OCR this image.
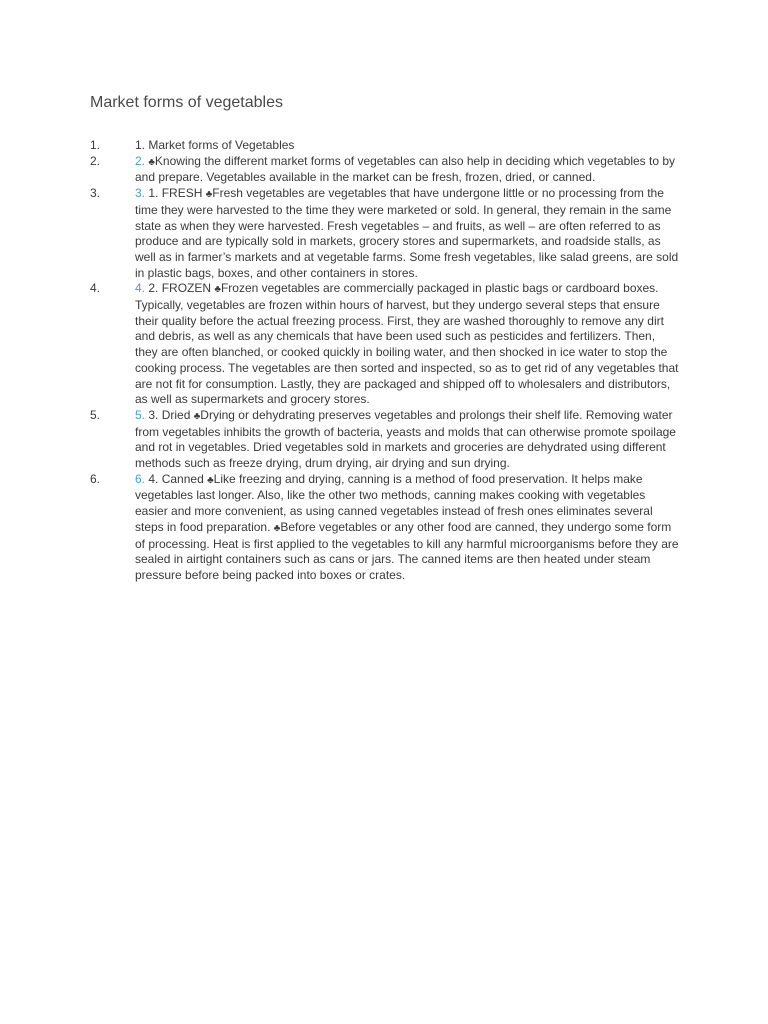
Market forms of vegetables
1.	1. Market forms of Vegetables
2.	2. ♣Knowing the different market forms of vegetables can also help in deciding which vegetables to by and prepare. Vegetables available in the market can be fresh, frozen, dried, or canned.
3.	3. 1. FRESH ♣Fresh vegetables are vegetables that have undergone little or no processing from the time they were harvested to the time they were marketed or sold. In general, they remain in the same state as when they were harvested. Fresh vegetables – and fruits, as well – are often referred to as produce and are typically sold in markets, grocery stores and supermarkets, and roadside stalls, as well as in farmer’s markets and at vegetable farms. Some fresh vegetables, like salad greens, are sold in plastic bags, boxes, and other containers in stores.
4.	4. 2. FROZEN ♣Frozen vegetables are commercially packaged in plastic bags or cardboard boxes. Typically, vegetables are frozen within hours of harvest, but they undergo several steps that ensure their quality before the actual freezing process. First, they are washed thoroughly to remove any dirt and debris, as well as any chemicals that have been used such as pesticides and fertilizers. Then, they are often blanched, or cooked quickly in boiling water, and then shocked in ice water to stop the cooking process. The vegetables are then sorted and inspected, so as to get rid of any vegetables that are not fit for consumption. Lastly, they are packaged and shipped off to wholesalers and distributors, as well as supermarkets and grocery stores.
5.	5. 3. Dried ♣Drying or dehydrating preserves vegetables and prolongs their shelf life. Removing water from vegetables inhibits the growth of bacteria, yeasts and molds that can otherwise promote spoilage and rot in vegetables. Dried vegetables sold in markets and groceries are dehydrated using different methods such as freeze drying, drum drying, air drying and sun drying.
6.	6. 4. Canned ♣Like freezing and drying, canning is a method of food preservation. It helps make vegetables last longer. Also, like the other two methods, canning makes cooking with vegetables easier and more convenient, as using canned vegetables instead of fresh ones eliminates several steps in food preparation. ♣Before vegetables or any other food are canned, they undergo some form of processing. Heat is first applied to the vegetables to kill any harmful microorganisms before they are sealed in airtight containers such as cans or jars. The canned items are then heated under steam pressure before being packed into boxes or crates.
